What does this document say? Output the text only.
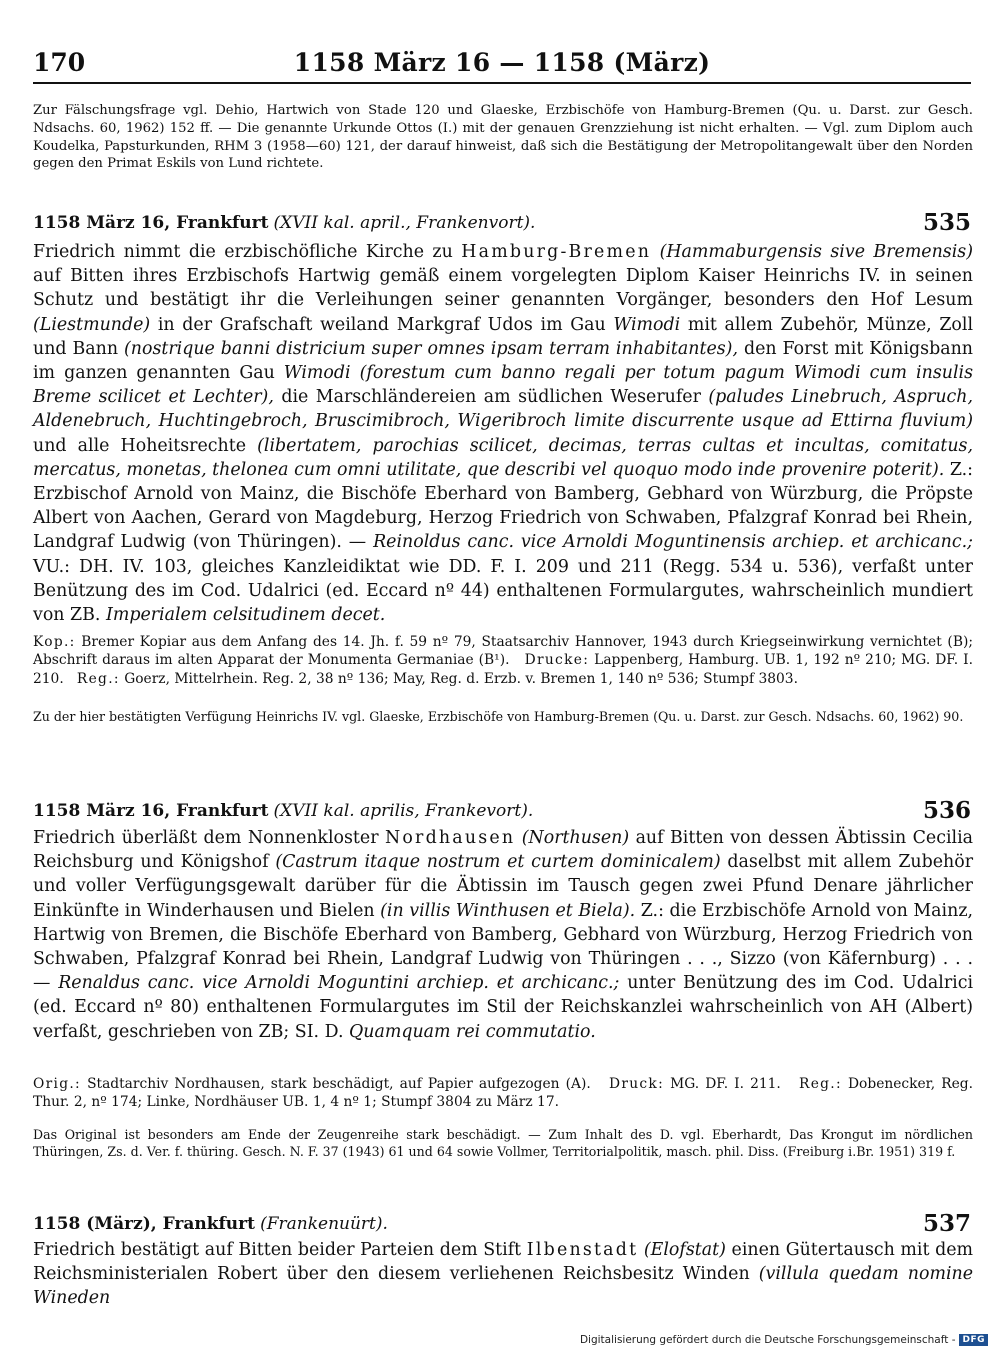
170	1158 März 16 — 1158 (März)
Zur Fälschungsfrage vgl. Dehio, Hartwich von Stade 120 und Glaeske, Erzbischöfe von Hamburg-Bremen (Qu. u. Darst. zur Gesch. Ndsachs. 60, 1962) 152 ff. — Die genannte Urkunde Ottos (I.) mit der genauen Grenzziehung ist nicht erhalten. — Vgl. zum Diplom auch Koudelka, Papsturkunden, RHM 3 (1958—60) 121, der darauf hinweist, daß sich die Bestätigung der Metropolitangewalt über den Norden gegen den Primat Eskils von Lund richtete.
1158 März 16, Frankfurt (XVII kal. april., Frankenvort).	535
Friedrich nimmt die erzbischöfliche Kirche zu Hamburg-Bremen (Hammaburgensis sive Bremensis) auf Bitten ihres Erzbischofs Hartwig gemäß einem vorgelegten Diplom Kaiser Heinrichs IV. in seinen Schutz und bestätigt ihr die Verleihungen seiner genannten Vorgänger, besonders den Hof Lesum (Liestmunde) in der Grafschaft weiland Markgraf Udos im Gau Wimodi mit allem Zubehör, Münze, Zoll und Bann (nostrique banni districium super omnes ipsam terram inhabitantes), den Forst mit Königsbann im ganzen genannten Gau Wimodi (forestum cum banno regali per totum pagum Wimodi cum insulis Breme scilicet et Lechter), die Marschländereien am südlichen Weserufer (paludes Linebruch, Aspruch, Aldenebruch, Huchtingebroch, Bruscimibroch, Wigeribroch limite discurrente usque ad Ettirna fluvium) und alle Hoheitsrechte (libertatem, parochias scilicet, decimas, terras cultas et incultas, comitatus, mercatus, monetas, thelonea cum omni utilitate, que describi vel quoquo modo inde provenire poterit). Z.: Erzbischof Arnold von Mainz, die Bischöfe Eberhard von Bamberg, Gebhard von Würzburg, die Pröpste Albert von Aachen, Gerard von Magdeburg, Herzog Friedrich von Schwaben, Pfalzgraf Konrad bei Rhein, Landgraf Ludwig (von Thüringen). — Reinoldus canc. vice Arnoldi Moguntinensis archiep. et archicanc.; VU.: DH. IV. 103, gleiches Kanzleidiktat wie DD. F. I. 209 und 211 (Regg. 534 u. 536), verfaßt unter Benützung des im Cod. Udalrici (ed. Eccard nº 44) enthaltenen Formulargutes, wahrscheinlich mundiert von ZB. Imperialem celsitudinem decet.
Kop.: Bremer Kopiar aus dem Anfang des 14. Jh. f. 59 nº 79, Staatsarchiv Hannover, 1943 durch Kriegseinwirkung vernichtet (B); Abschrift daraus im alten Apparat der Monumenta Germaniae (B¹). Drucke: Lappenberg, Hamburg. UB. 1, 192 nº 210; MG. DF. I. 210. Reg.: Goerz, Mittelrhein. Reg. 2, 38 nº 136; May, Reg. d. Erzb. v. Bremen 1, 140 nº 536; Stumpf 3803.
Zu der hier bestätigten Verfügung Heinrichs IV. vgl. Glaeske, Erzbischöfe von Hamburg-Bremen (Qu. u. Darst. zur Gesch. Ndsachs. 60, 1962) 90.
1158 März 16, Frankfurt (XVII kal. aprilis, Frankevort).	536
Friedrich überläßt dem Nonnenkloster Nordhausen (Northusen) auf Bitten von dessen Äbtissin Cecilia Reichsburg und Königshof (Castrum itaque nostrum et curtem dominicalem) daselbst mit allem Zubehör und voller Verfügungsgewalt darüber für die Äbtissin im Tausch gegen zwei Pfund Denare jährlicher Einkünfte in Winderhausen und Bielen (in villis Winthusen et Biela). Z.: die Erzbischöfe Arnold von Mainz, Hartwig von Bremen, die Bischöfe Eberhard von Bamberg, Gebhard von Würzburg, Herzog Friedrich von Schwaben, Pfalzgraf Konrad bei Rhein, Landgraf Ludwig von Thüringen . . ., Sizzo (von Käfernburg) . . . — Renaldus canc. vice Arnoldi Moguntini archiep. et archicanc.; unter Benützung des im Cod. Udalrici (ed. Eccard nº 80) enthaltenen Formulargutes im Stil der Reichskanzlei wahrscheinlich von AH (Albert) verfaßt, geschrieben von ZB; SI. D. Quamquam rei commutatio.
Orig.: Stadtarchiv Nordhausen, stark beschädigt, auf Papier aufgezogen (A). Druck: MG. DF. I. 211. Reg.: Dobenecker, Reg. Thur. 2, nº 174; Linke, Nordhäuser UB. 1, 4 nº 1; Stumpf 3804 zu März 17.
Das Original ist besonders am Ende der Zeugenreihe stark beschädigt. — Zum Inhalt des D. vgl. Eberhardt, Das Krongut im nördlichen Thüringen, Zs. d. Ver. f. thüring. Gesch. N. F. 37 (1943) 61 und 64 sowie Vollmer, Territorialpolitik, masch. phil. Diss. (Freiburg i.Br. 1951) 319 f.
1158 (März), Frankfurt (Frankenuürt).	537
Friedrich bestätigt auf Bitten beider Parteien dem Stift Ilbenstadt (Elofstat) einen Gütertausch mit dem Reichsministerialen Robert über den diesem verliehenen Reichsbesitz Winden (villula quedam nomine Wineden
Digitalisierung gefördert durch die Deutsche Forschungsgemeinschaft - DFG
